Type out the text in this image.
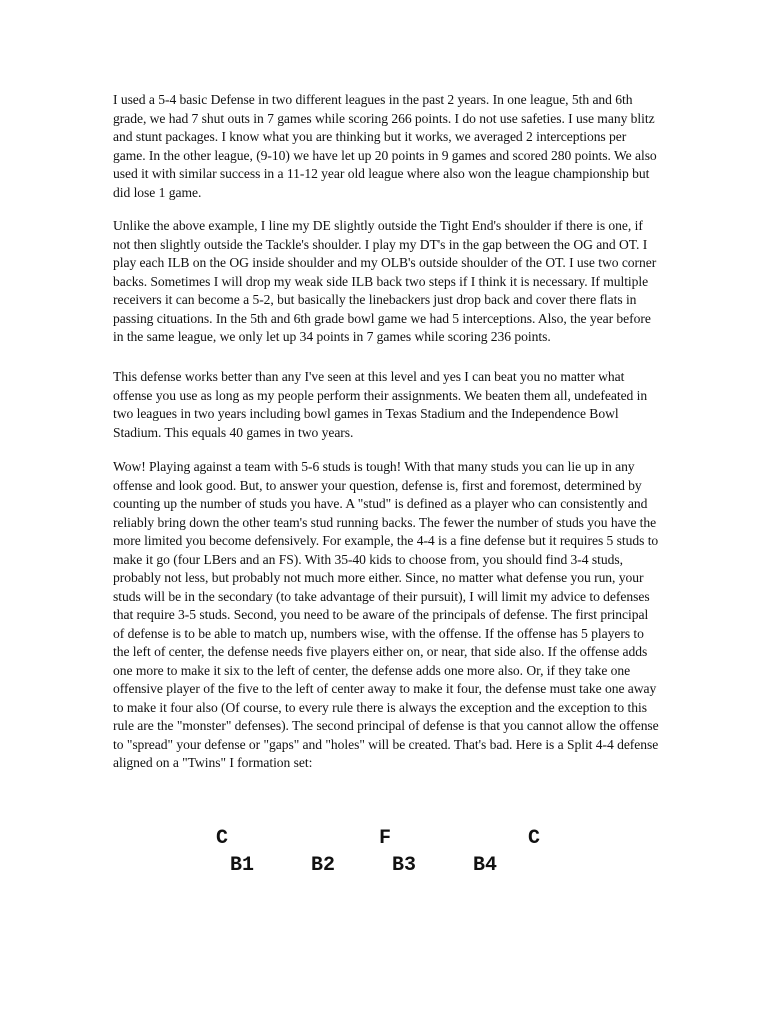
I used a 5-4 basic Defense in two different leagues in the past 2 years. In one league, 5th and 6th grade, we had 7 shut outs in 7 games while scoring 266 points. I do not use safeties. I use many blitz and stunt packages. I know what you are thinking but it works, we averaged 2 interceptions per game. In the other league, (9-10) we have let up 20 points in 9 games and scored 280 points. We also used it with similar success in a 11-12 year old league where also won the league championship but did lose 1 game.

Unlike the above example, I line my DE slightly outside the Tight End's shoulder if there is one, if not then slightly outside the Tackle's shoulder. I play my DT's in the gap between the OG and OT. I play each ILB on the OG inside shoulder and my OLB's outside shoulder of the OT. I use two corner backs. Sometimes I will drop my weak side ILB back two steps if I think it is necessary. If multiple receivers it can become a 5-2, but basically the linebackers just drop back and cover there flats in passing cituations. In the 5th and 6th grade bowl game we had 5 interceptions. Also, the year before in the same league, we only let up 34 points in 7 games while scoring 236 points.

This defense works better than any I've seen at this level and yes I can beat you no matter what offense you use as long as my people perform their assignments. We beaten them all, undefeated in two leagues in two years including bowl games in Texas Stadium and the Independence Bowl Stadium. This equals 40 games in two years.

Wow! Playing against a team with 5-6 studs is tough! With that many studs you can lie up in any offense and look good. But, to answer your question, defense is, first and foremost, determined by counting up the number of studs you have. A "stud" is defined as a player who can consistently and reliably bring down the other team's stud running backs. The fewer the number of studs you have the more limited you become defensively. For example, the 4-4 is a fine defense but it requires 5 studs to make it go (four LBers and an FS). With 35-40 kids to choose from, you should find 3-4 studs, probably not less, but probably not much more either. Since, no matter what defense you run, your studs will be in the secondary (to take advantage of their pursuit), I will limit my advice to defenses that require 3-5 studs. Second, you need to be aware of the principals of defense. The first principal of defense is to be able to match up, numbers wise, with the offense. If the offense has 5 players to the left of center, the defense needs five players either on, or near, that side also. If the offense adds one more to make it six to the left of center, the defense adds one more also. Or, if they take one offensive player of the five to the left of center away to make it four, the defense must take one away to make it four also (Of course, to every rule there is always the exception and the exception to this rule are the "monster" defenses). The second principal of defense is that you cannot allow the offense to "spread" your defense or "gaps" and "holes" will be created. That's bad. Here is a Split 4-4 defense aligned on a "Twins" I formation set:

C	F	C
B1	B2	B3	B4
